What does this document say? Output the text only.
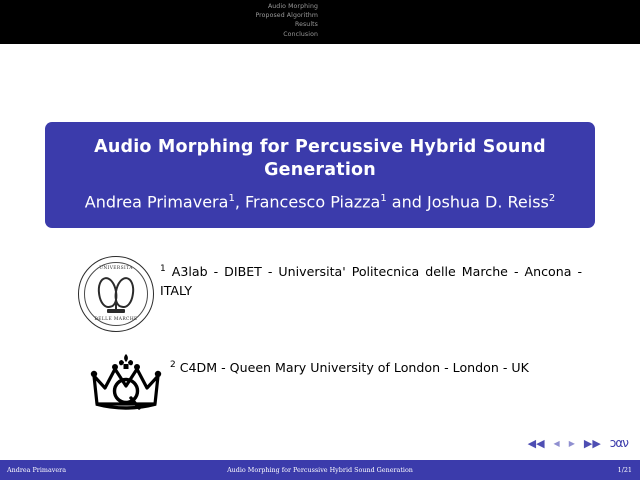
Audio Morphing
Proposed Algorithm
Results
Conclusion
Audio Morphing for Percussive Hybrid Sound
Generation
Andrea Primavera$^1$, Francesco Piazza$^1$ and Joshua D. Reiss$^2$
UNIVERSITA
DELLE MARCHE
$^1$ A3lab - DIBET - Universita' Politecnica delle Marche - Ancona - ITALY
$^2$ C4DM - Queen Mary University of London - London - UK
◀◀ ◀ ▶ ▶▶ ɔαν
Andrea Primavera	Audio Morphing for Percussive Hybrid Sound Generation	1/21
